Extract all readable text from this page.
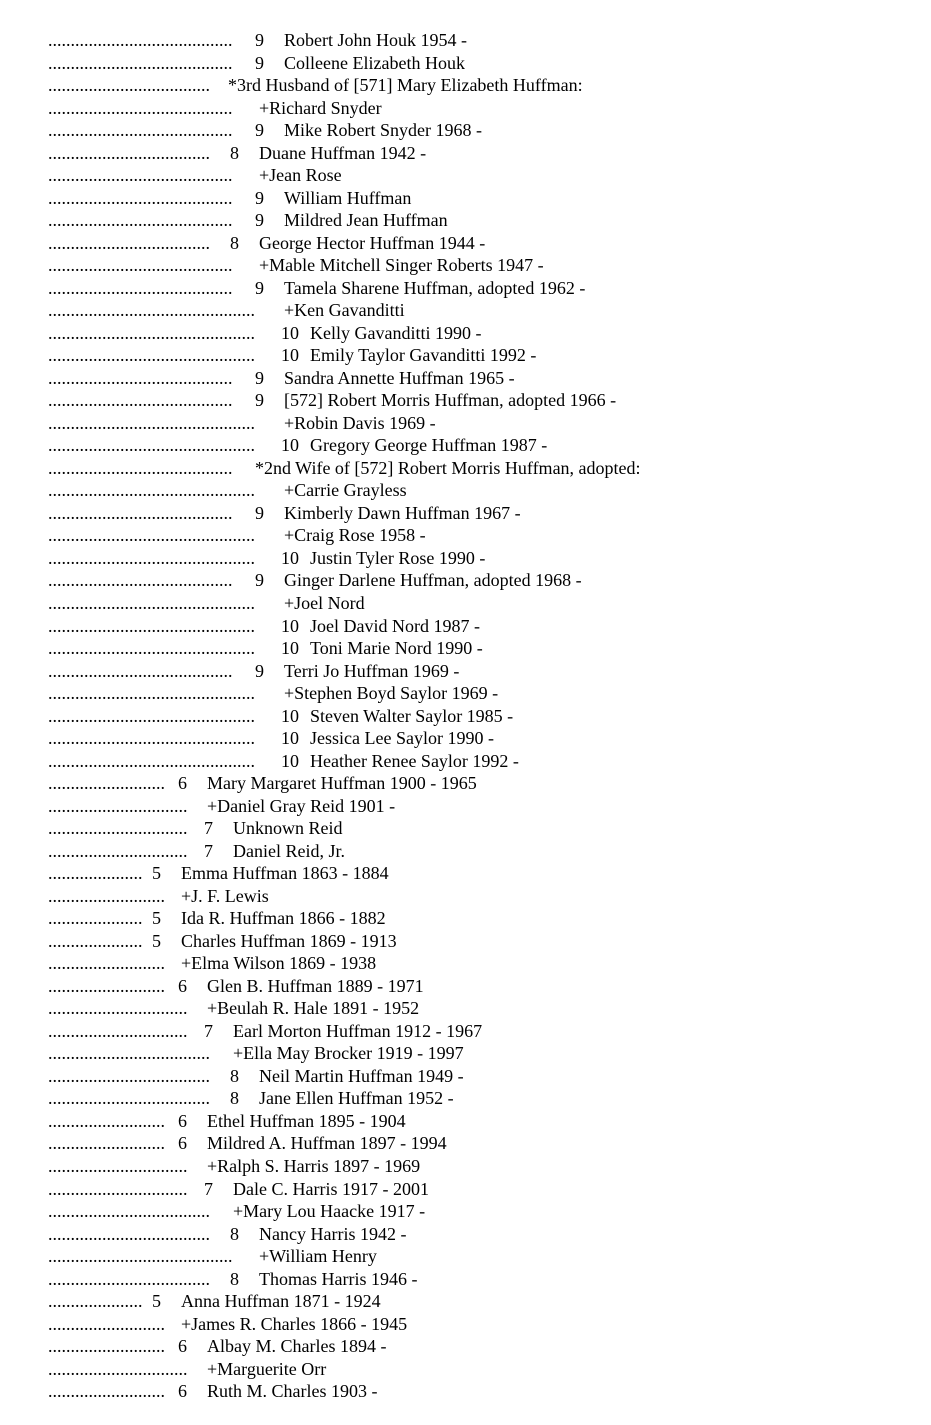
......................................... 9 Robert John Houk 1954 -
......................................... 9 Colleene Elizabeth Houk
.................................... *3rd Husband of [571] Mary Elizabeth Huffman:
......................................... +Richard Snyder
......................................... 9 Mike Robert Snyder 1968 -
.................................... 8 Duane Huffman 1942 -
......................................... +Jean Rose
......................................... 9 William Huffman
......................................... 9 Mildred Jean Huffman
.................................... 8 George Hector Huffman 1944 -
......................................... +Mable Mitchell Singer Roberts 1947 -
......................................... 9 Tamela Sharene Huffman, adopted 1962 -
.............................................. +Ken Gavanditti
.............................................. 10 Kelly Gavanditti 1990 -
.............................................. 10 Emily Taylor Gavanditti 1992 -
......................................... 9 Sandra Annette Huffman 1965 -
......................................... 9 [572] Robert Morris Huffman, adopted 1966 -
.............................................. +Robin Davis 1969 -
.............................................. 10 Gregory George Huffman 1987 -
......................................... *2nd Wife of [572] Robert Morris Huffman, adopted:
.............................................. +Carrie Grayless
......................................... 9 Kimberly Dawn Huffman 1967 -
.............................................. +Craig Rose 1958 -
.............................................. 10 Justin Tyler Rose 1990 -
......................................... 9 Ginger Darlene Huffman, adopted 1968 -
.............................................. +Joel Nord
.............................................. 10 Joel David Nord 1987 -
.............................................. 10 Toni Marie Nord 1990 -
......................................... 9 Terri Jo Huffman 1969 -
.............................................. +Stephen Boyd Saylor 1969 -
.............................................. 10 Steven Walter Saylor 1985 -
.............................................. 10 Jessica Lee Saylor 1990 -
.............................................. 10 Heather Renee Saylor 1992 -
.......................... 6 Mary Margaret Huffman 1900 - 1965
............................... +Daniel Gray Reid 1901 -
............................... 7 Unknown Reid
............................... 7 Daniel Reid, Jr.
..................... 5 Emma Huffman 1863 - 1884
.......................... +J. F. Lewis
..................... 5 Ida R. Huffman 1866 - 1882
..................... 5 Charles Huffman 1869 - 1913
.......................... +Elma Wilson 1869 - 1938
.......................... 6 Glen B. Huffman 1889 - 1971
............................... +Beulah R. Hale 1891 - 1952
............................... 7 Earl Morton Huffman 1912 - 1967
.................................... +Ella May Brocker 1919 - 1997
.................................... 8 Neil Martin Huffman 1949 -
.................................... 8 Jane Ellen Huffman 1952 -
.......................... 6 Ethel Huffman 1895 - 1904
.......................... 6 Mildred A. Huffman 1897 - 1994
............................... +Ralph S. Harris 1897 - 1969
............................... 7 Dale C. Harris 1917 - 2001
.................................... +Mary Lou Haacke 1917 -
.................................... 8 Nancy Harris 1942 -
......................................... +William Henry
.................................... 8 Thomas Harris 1946 -
..................... 5 Anna Huffman 1871 - 1924
.......................... +James R. Charles 1866 - 1945
.......................... 6 Albay M. Charles 1894 -
............................... +Marguerite Orr
.......................... 6 Ruth M. Charles 1903 -
